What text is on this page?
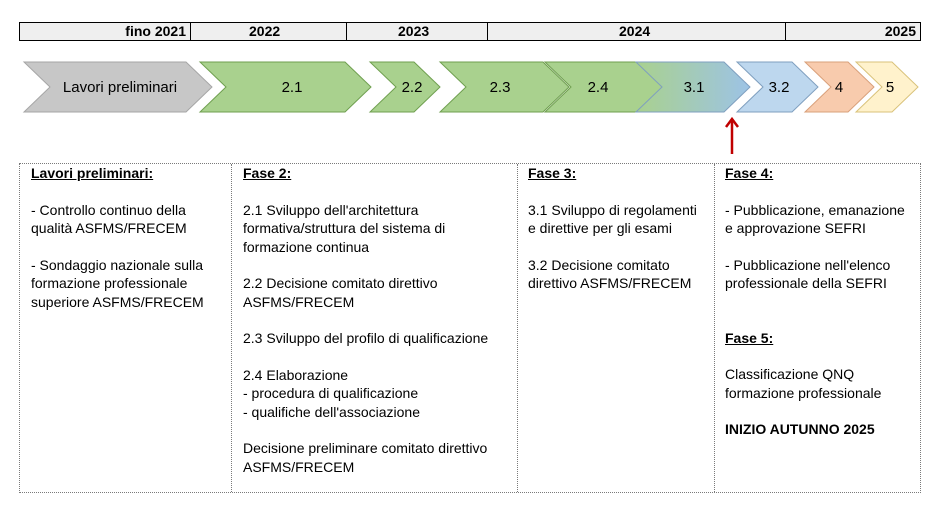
fino 2021	2022	2023	2024	2025
Lavori preliminari	2.1	2.2	2.3	2.4	3.1	3.2	4	5

Lavori preliminari:

- Controllo continuo della qualità ASFMS/FRECEM

- Sondaggio nazionale sulla formazione professionale superiore ASFMS/FRECEM

Fase 2:

2.1 Sviluppo dell'architettura formativa/struttura del sistema di formazione continua

2.2 Decisione comitato direttivo ASFMS/FRECEM

2.3 Sviluppo del profilo di qualificazione

2.4 Elaborazione

- procedura di qualificazione

- qualifiche dell'associazione

Decisione preliminare comitato direttivo ASFMS/FRECEM

Fase 3:

3.1 Sviluppo di regolamenti e direttive per gli esami

3.2 Decisione comitato direttivo ASFMS/FRECEM

Fase 4:

- Pubblicazione, emanazione e approvazione SEFRI

- Pubblicazione nell'elenco professionale della SEFRI

Fase 5:

Classificazione QNQ formazione professionale

INIZIO AUTUNNO 2025
